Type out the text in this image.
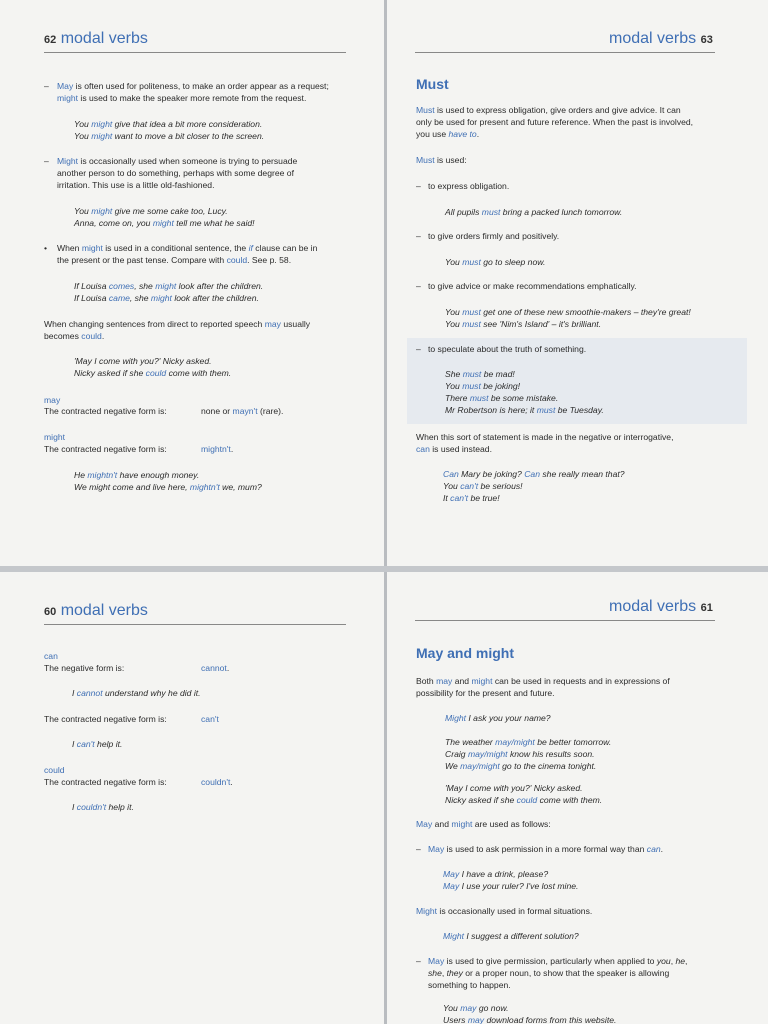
62 modal verbs
– May is often used for politeness, to make an order appear as a request;
might is used to make the speaker more remote from the request.
You might give that idea a bit more consideration.
You might want to move a bit closer to the screen.
– Might is occasionally used when someone is trying to persuade
another person to do something, perhaps with some degree of
irritation. This use is a little old-fashioned.
You might give me some cake too, Lucy.
Anna, come on, you might tell me what he said!
• When might is used in a conditional sentence, the if clause can be in
the present or the past tense. Compare with could. See p. 58.
If Louisa comes, she might look after the children.
If Louisa came, she might look after the children.
When changing sentences from direct to reported speech may usually
becomes could.
'May I come with you?' Nicky asked.
Nicky asked if she could come with them.
may
The contracted negative form is:	none or mayn't (rare).
might
The contracted negative form is:	mightn't.
He mightn't have enough money.
We might come and live here, mightn't we, mum?
modal verbs 63
Must
Must is used to express obligation, give orders and give advice. It can
only be used for present and future reference. When the past is involved,
you use have to.
Must is used:
– to express obligation.
All pupils must bring a packed lunch tomorrow.
– to give orders firmly and positively.
You must go to sleep now.
– to give advice or make recommendations emphatically.
You must get one of these new smoothie-makers – they're great!
You must see 'Nim's Island' – it's brilliant.
– to speculate about the truth of something.
She must be mad!
You must be joking!
There must be some mistake.
Mr Robertson is here; it must be Tuesday.
When this sort of statement is made in the negative or interrogative,
can is used instead.
Can Mary be joking? Can she really mean that?
You can't be serious!
It can't be true!
60 modal verbs
can
The negative form is:	cannot.
I cannot understand why he did it.
The contracted negative form is:	can't
I can't help it.
could
The contracted negative form is:	couldn't.
I couldn't help it.
modal verbs 61
May and might
Both may and might can be used in requests and in expressions of
possibility for the present and future.
Might I ask you your name?
The weather may/might be better tomorrow.
Craig may/might know his results soon.
We may/might go to the cinema tonight.
'May I come with you?' Nicky asked.
Nicky asked if she could come with them.
May and might are used as follows:
– May is used to ask permission in a more formal way than can.
May I have a drink, please?
May I use your ruler? I've lost mine.
Might is occasionally used in formal situations.
Might I suggest a different solution?
– May is used to give permission, particularly when applied to you, he,
she, they or a proper noun, to show that the speaker is allowing
something to happen.
You may go now.
Users may download forms from this website.
